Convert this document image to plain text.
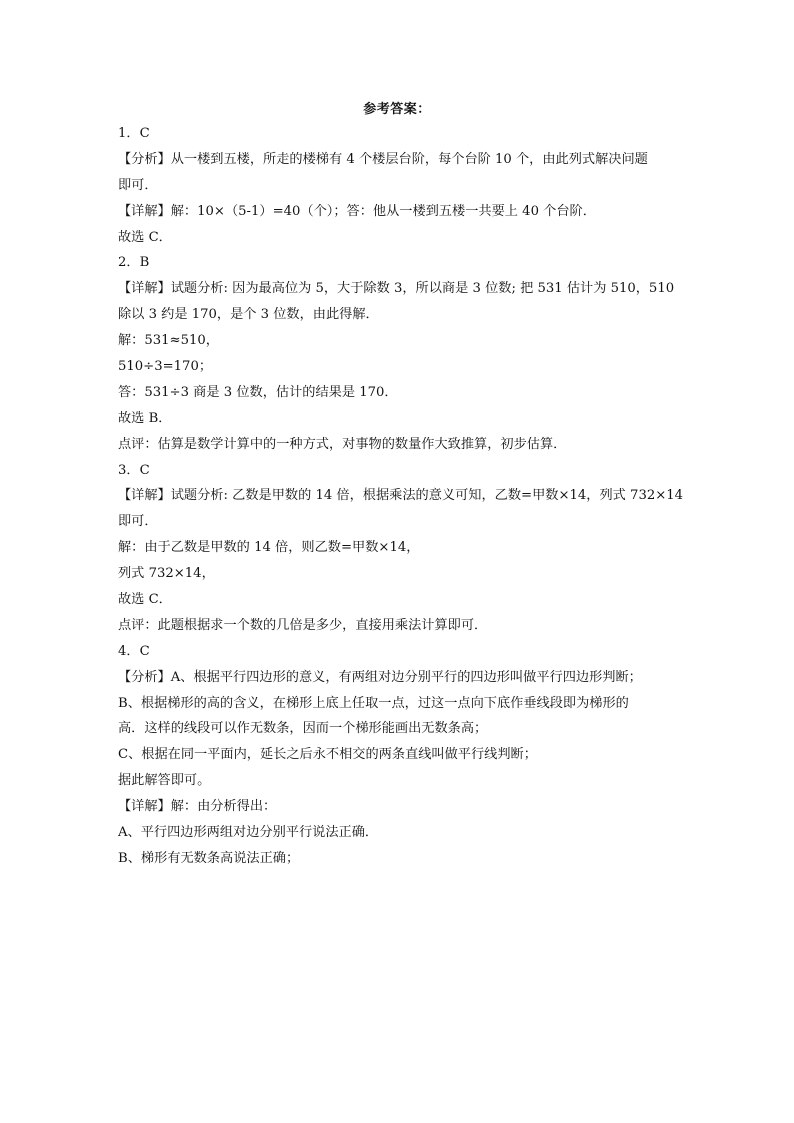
参考答案：
1．C
【分析】从一楼到五楼，所走的楼梯有 4 个楼层台阶，每个台阶 10 个，由此列式解决问题
即可．
【详解】解：10×（5-1）=40（个）；答：他从一楼到五楼一共要上 40 个台阶．
故选 C．
2．B
【详解】试题分析: 因为最高位为 5，大于除数 3，所以商是 3 位数; 把 531 估计为 510，510
除以 3 约是 170，是个 3 位数，由此得解．
解：531≈510，
510÷3=170；
答：531÷3 商是 3 位数，估计的结果是 170．
故选 B．
点评：估算是数学计算中的一种方式，对事物的数量作大致推算，初步估算．
3．C
【详解】试题分析: 乙数是甲数的 14 倍，根据乘法的意义可知，乙数=甲数×14，列式 732×14
即可．
解：由于乙数是甲数的 14 倍，则乙数=甲数×14，
列式 732×14，
故选 C．
点评：此题根据求一个数的几倍是多少，直接用乘法计算即可．
4．C
【分析】A、根据平行四边形的意义，有两组对边分别平行的四边形叫做平行四边形判断；
B、根据梯形的高的含义，在梯形上底上任取一点，过这一点向下底作垂线段即为梯形的
高．这样的线段可以作无数条，因而一个梯形能画出无数条高；
C、根据在同一平面内，延长之后永不相交的两条直线叫做平行线判断；
据此解答即可。
【详解】解：由分析得出：
A、平行四边形两组对边分别平行说法正确．
B、梯形有无数条高说法正确；
